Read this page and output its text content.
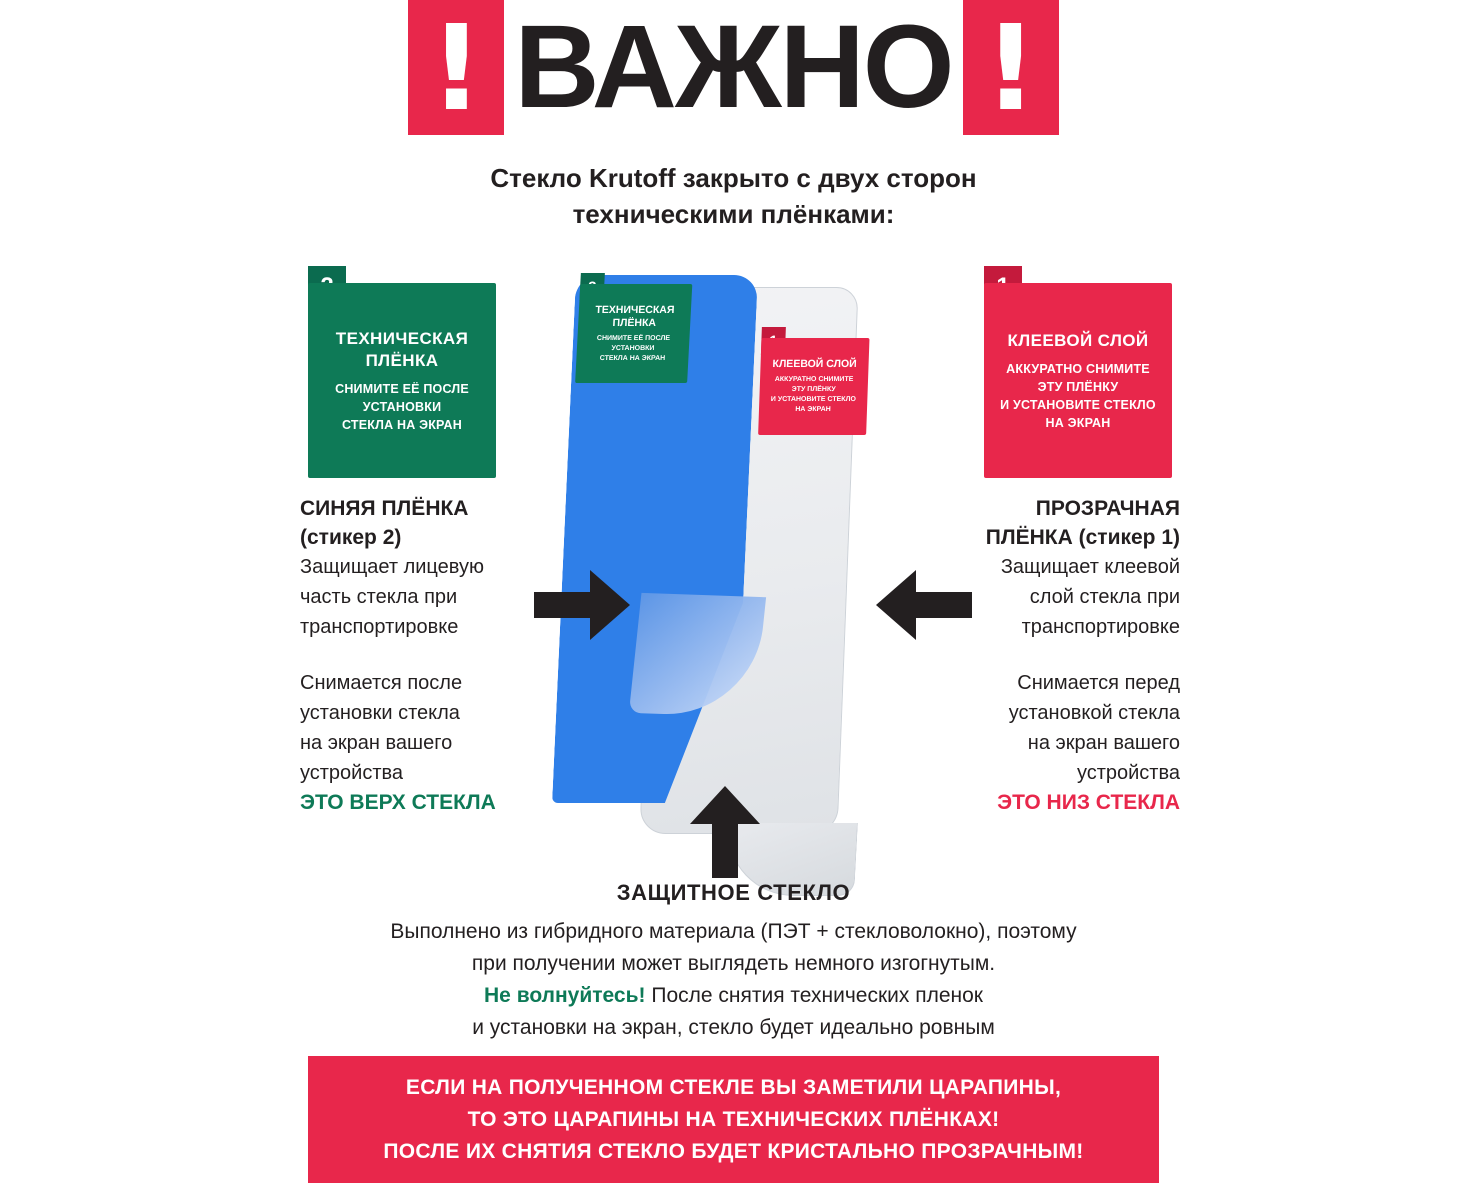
! ВАЖНО !
Стекло Krutoff закрыто с двух сторон
техническими плёнками:
ТЕХНИЧЕСКАЯ
ПЛЁНКА
СНИМИТЕ ЕЁ ПОСЛЕ
УСТАНОВКИ
СТЕКЛА НА ЭКРАН
КЛЕЕВОЙ СЛОЙ
АККУРАТНО СНИМИТЕ
ЭТУ ПЛЁНКУ
И УСТАНОВИТЕ СТЕКЛО
НА ЭКРАН
ТЕХНИЧЕСКАЯ
ПЛЁНКА
СНИМИТЕ ЕЁ ПОСЛЕ
УСТАНОВКИ
СТЕКЛА НА ЭКРАН	КЛЕЕВОЙ СЛОЙ
АККУРАТНО СНИМИТЕ
ЭТУ ПЛЁНКУ
И УСТАНОВИТЕ СТЕКЛО
НА ЭКРАН
СИНЯЯ ПЛЁНКА
(стикер 2)
Защищает лицевую
часть стекла при
транспортировке
Снимается после
установки стекла
на экран вашего
устройства
ЭТО ВЕРХ СТЕКЛА
ПРОЗРАЧНАЯ
ПЛЁНКА (стикер 1)
Защищает клеевой
слой стекла при
транспортировке
Снимается перед
установкой стекла
на экран вашего
устройства
ЭТО НИЗ СТЕКЛА
ЗАЩИТНОЕ СТЕКЛО
Выполнено из гибридного материала (ПЭТ + стекловолокно), поэтому
при получении может выглядеть немного изгогнутым.
Не волнуйтесь! После снятия технических пленок
и установки на экран, стекло будет идеально ровным
ЕСЛИ НА ПОЛУЧЕННОМ СТЕКЛЕ ВЫ ЗАМЕТИЛИ ЦАРАПИНЫ,
ТО ЭТО ЦАРАПИНЫ НА ТЕХНИЧЕСКИХ ПЛЁНКАХ!
ПОСЛЕ ИХ СНЯТИЯ СТЕКЛО БУДЕТ КРИСТАЛЬНО ПРОЗРАЧНЫМ!
